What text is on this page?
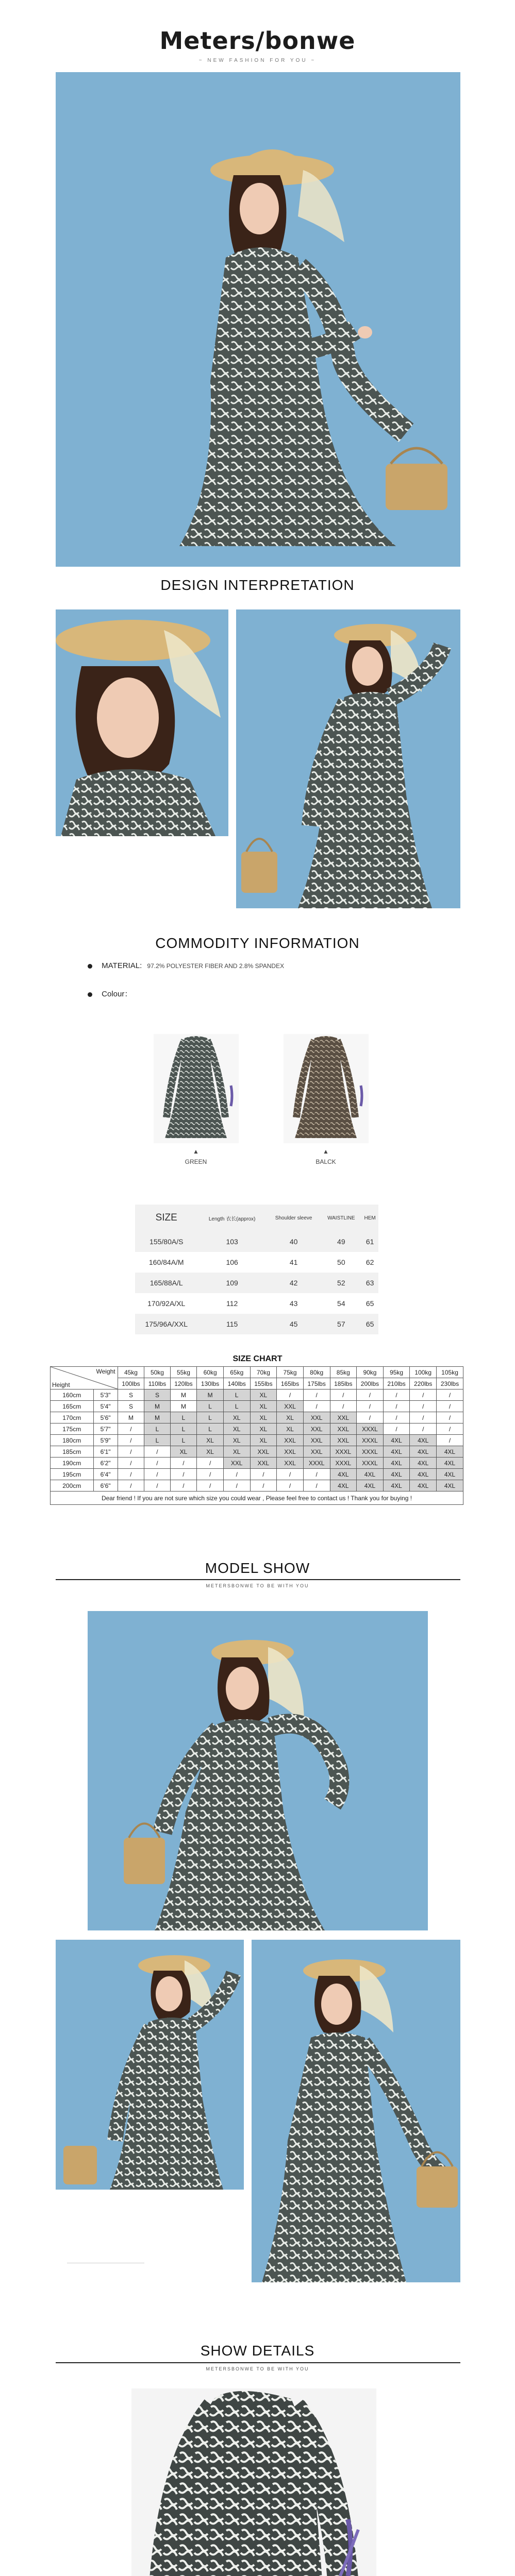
Meters/bonwe
~ NEW FASHION FOR YOU ~
DESIGN INTERPRETATION
COMMODITY INFORMATION
MATERIAL: 97.2% POLYESTER FIBER AND 2.8% SPANDEX
Colour：
▲
GREEN
▲
BALCK
SIZE	Length 衣长(approx)	Shoulder sleeve	WAISTLINE	HEM
155/80A/S	103	40	49	61
160/84A/M	106	41	50	62
165/88A/L	109	42	52	63
170/92A/XL	112	43	54	65
175/96A/XXL	115	45	57	65
SIZE CHART
Weight
Height		45kg	50kg	55kg	60kg	65kg	70kg	75kg	80kg	85kg	90kg	95kg	100kg	105kg
		100lbs	110lbs	120lbs	130lbs	140lbs	155lbs	165lbs	175lbs	185lbs	200lbs	210lbs	220lbs	230lbs
160cm	5'3"	S	S	M	M	L	XL	/	/	/	/	/	/	/
165cm	5'4"	S	M	M	L	L	XL	XXL	/	/	/	/	/	/
170cm	5'6"	M	M	L	L	XL	XL	XL	XXL	XXL	/	/	/	/
175cm	5'7"	/	L	L	L	XL	XL	XL	XXL	XXL	XXXL	/	/	/
180cm	5'9"	/	L	L	XL	XL	XL	XXL	XXL	XXL	XXXL	4XL	4XL	/
185cm	6'1"	/	/	XL	XL	XL	XXL	XXL	XXL	XXXL	XXXL	4XL	4XL	4XL
190cm	6'2"	/	/	/	/	XXL	XXL	XXL	XXXL	XXXL	XXXL	4XL	4XL	4XL
195cm	6'4"	/	/	/	/	/	/	/	/	4XL	4XL	4XL	4XL	4XL
200cm	6'6"	/	/	/	/	/	/	/	/	4XL	4XL	4XL	4XL	4XL
Dear friend ! If you are not sure which size you could wear , Please feel free to contact us ! Thank you for buying !														
MODEL SHOW
METERSBONWE TO BE WITH YOU
SHOW DETAILS
METERSBONWE TO BE WITH YOU
